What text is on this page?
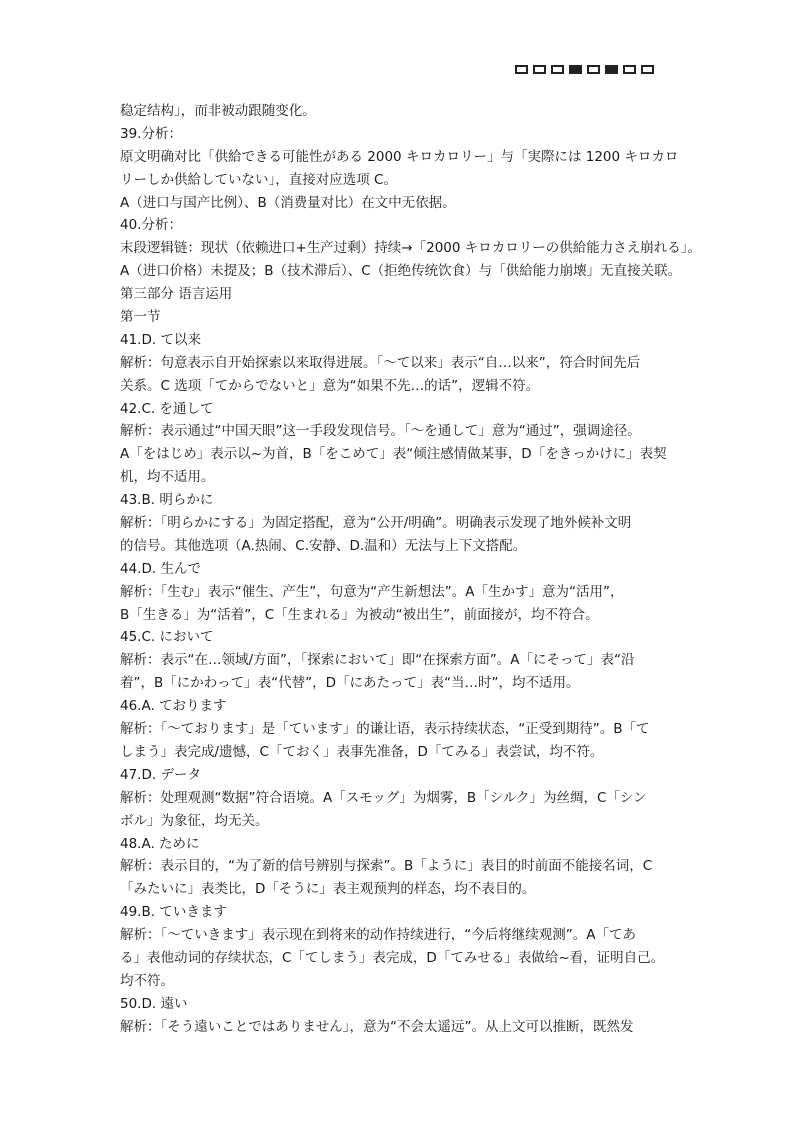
稳定结构」，而非被动跟随变化。
39.分析：
原文明确对比「供給できる可能性がある 2000 キロカロリー」与「実際には 1200 キロカロ
リーしか供給していない」，直接对应选项 C。
A（进口与国产比例）、B（消费量对比）在文中无依据。
40.分析：
末段逻辑链：现状（依赖进口+生产过剩）持续→「2000 キロカロリーの供給能力さえ崩れる」。
A（进口价格）未提及；B（技术滞后）、C（拒绝传统饮食）与「供給能力崩壊」无直接关联。
第三部分 语言运用
第一节
41.D. て以来
解析：句意表示自开始探索以来取得进展。「～て以来」表示“自…以来”，符合时间先后
关系。C 选项「てからでないと」意为“如果不先…的话”，逻辑不符。
42.C. を通して
解析：表示通过“中国天眼”这一手段发现信号。「～を通して」意为“通过”，强调途径。
A「をはじめ」表示以~为首，B「をこめて」表“倾注感情做某事，D「をきっかけに」表契
机，均不适用。
43.B. 明らかに
解析：「明らかにする」为固定搭配，意为“公开/明确”。明确表示发现了地外候补文明
的信号。其他选项（A.热闹、C.安静、D.温和）无法与上下文搭配。
44.D. 生んで
解析：「生む」表示“催生、产生”，句意为“产生新想法”。A「生かす」意为“活用”，
B「生きる」为“活着”，C「生まれる」为被动“被出生”，前面接が，均不符合。
45.C. において
解析：表示“在…领域/方面”，「探索において」即“在探索方面”。A「にそって」表“沿
着”，B「にかわって」表“代替”，D「にあたって」表“当…时”，均不适用。
46.A. ております
解析：「～ております」是「ています」的谦让语，表示持续状态，“正受到期待”。B「て
しまう」表完成/遗憾，C「ておく」表事先准备，D「てみる」表尝试，均不符。
47.D. データ
解析：处理观测“数据”符合语境。A「スモッグ」为烟雾，B「シルク」为丝绸，C「シン
ボル」为象征，均无关。
48.A. ために
解析：表示目的，“为了新的信号辨别与探索”。B「ように」表目的时前面不能接名词，C
「みたいに」表类比，D「そうに」表主观预判的样态，均不表目的。
49.B. ていきます
解析：「～ていきます」表示现在到将来的动作持续进行，“今后将继续观测”。A「てあ
る」表他动词的存续状态，C「てしまう」表完成，D「てみせる」表做给~看，证明自己。
均不符。
50.D. 遠い
解析：「そう遠いことではありません」，意为“不会太遥远”。从上文可以推断，既然发
